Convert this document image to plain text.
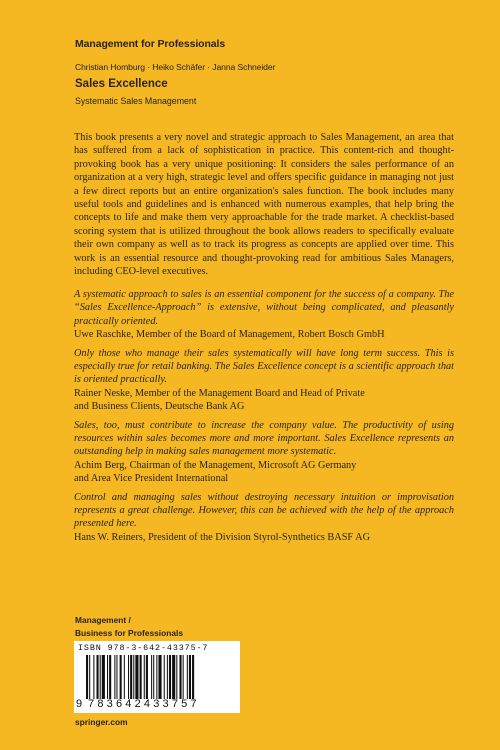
Management for Professionals
Christian Homburg · Heiko Schäfer · Janna Schneider
Sales Excellence
Systematic Sales Management

This book presents a very novel and strategic approach to Sales Management, an area that has suffered from a lack of sophistication in practice. This content-rich and thought-provoking book has a very unique positioning: It considers the sales performance of an organization at a very high, strategic level and offers specific guidance in managing not just a few direct reports but an entire organization's sales function. The book includes many useful tools and guidelines and is enhanced with numerous examples, that help bring the concepts to life and make them very approachable for the trade market. A checklist-based scoring system that is utilized throughout the book allows readers to specifically evaluate their own company as well as to track its progress as concepts are applied over time. This work is an essential resource and thought-provoking read for ambitious Sales Managers, including CEO-level executives.

A systematic approach to sales is an essential component for the success of a company. The “Sales Excellence-Approach” is extensive, without being complicated, and pleasantly practically oriented.

Uwe Raschke, Member of the Board of Management, Robert Bosch GmbH

Only those who manage their sales systematically will have long term success. This is especially true for retail banking. The Sales Excellence concept is a scientific approach that is oriented practically.

Rainer Neske, Member of the Management Board and Head of Private

and Business Clients, Deutsche Bank AG

Sales, too, must contribute to increase the company value. The productivity of using resources within sales becomes more and more important. Sales Excellence represents an outstanding help in making sales management more systematic.

Achim Berg, Chairman of the Management, Microsoft AG Germany

and Area Vice President International

Control and managing sales without destroying necessary intuition or improvisation represents a great challenge. However, this can be achieved with the help of the approach presented here.

Hans W. Reiners, President of the Division Styrol-Synthetics BASF AG

Management /
Business for Professionals
ISBN 978-3-642-43375-7
9 783642433757
springer.com
